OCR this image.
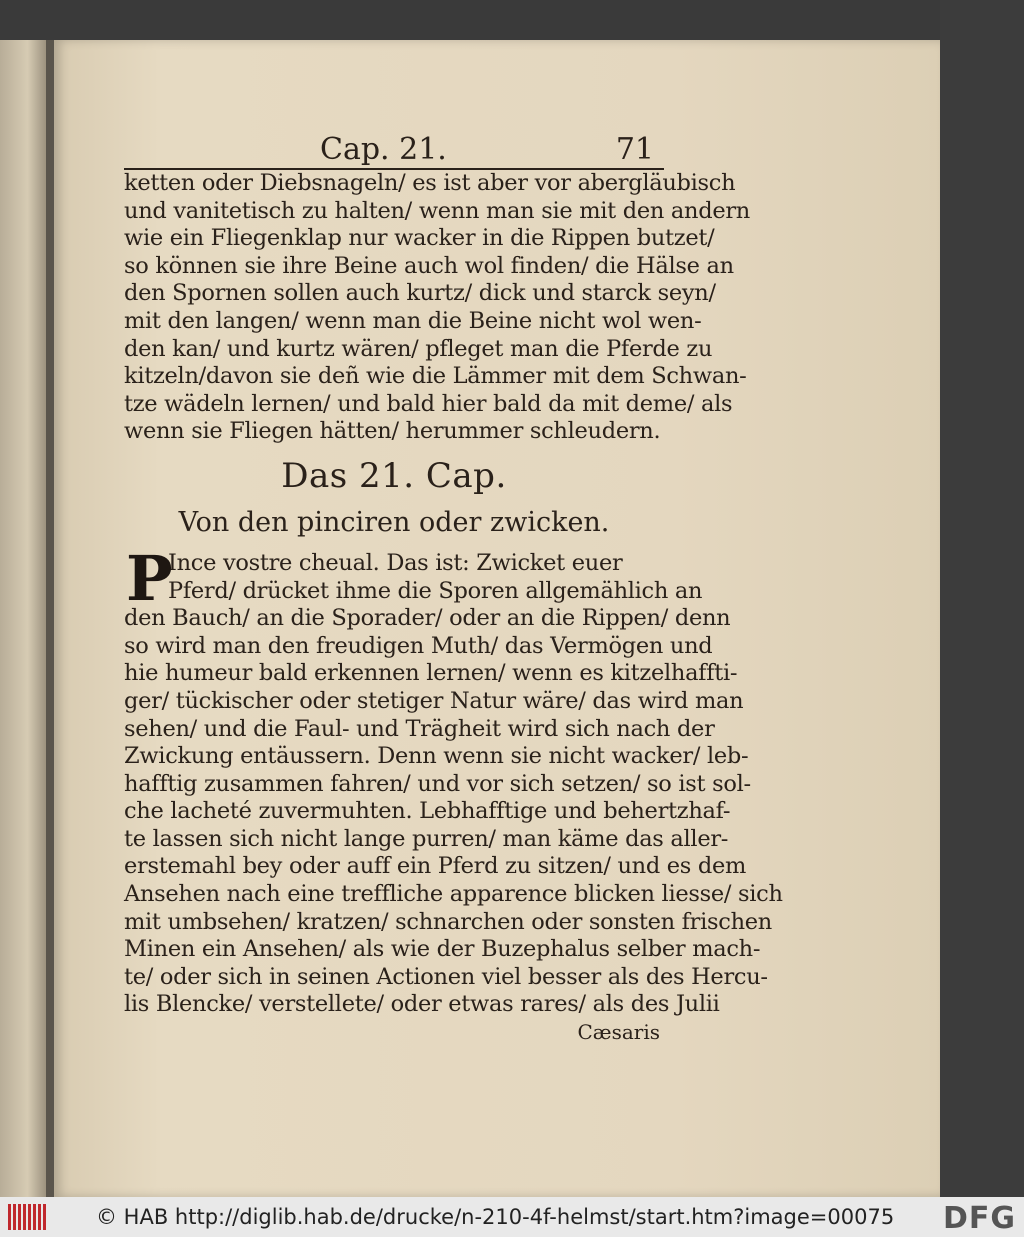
Cap. 21.	71
ketten oder Diebsnageln/ es ist aber vor abergläubisch
und vanitetisch zu halten/ wenn man sie mit den andern
wie ein Fliegenklap nur wacker in die Rippen butzet/
so können sie ihre Beine auch wol finden/ die Hälse an
den Spornen sollen auch kurtz/ dick und starck seyn/
mit den langen/ wenn man die Beine nicht wol wen-
den kan/ und kurtz wären/ pfleget man die Pferde zu
kitzeln/davon sie deñ wie die Lämmer mit dem Schwan-
tze wädeln lernen/ und bald hier bald da mit deme/ als
wenn sie Fliegen hätten/ herummer schleudern.
Das 21. Cap.
Von den pinciren oder zwicken.
P
Ince vostre cheual. Das ist: Zwicket euer
Pferd/ drücket ihme die Sporen allgemählich an
den Bauch/ an die Sporader/ oder an die Rippen/ denn
so wird man den freudigen Muth/ das Vermögen und
hie humeur bald erkennen lernen/ wenn es kitzelhaffti-
ger/ tückischer oder stetiger Natur wäre/ das wird man
sehen/ und die Faul- und Trägheit wird sich nach der
Zwickung entäussern. Denn wenn sie nicht wacker/ leb-
hafftig zusammen fahren/ und vor sich setzen/ so ist sol-
che lacheté zuvermuhten. Lebhafftige und behertzhaf-
te lassen sich nicht lange purren/ man käme das aller-
erstemahl bey oder auff ein Pferd zu sitzen/ und es dem
Ansehen nach eine treffliche apparence blicken liesse/ sich
mit umbsehen/ kratzen/ schnarchen oder sonsten frischen
Minen ein Ansehen/ als wie der Buzephalus selber mach-
te/ oder sich in seinen Actionen viel besser als des Hercu-
lis Blencke/ verstellete/ oder etwas rares/ als des Julii
Cæsaris
© HAB http://diglib.hab.de/drucke/n-210-4f-helmst/start.htm?image=00075 DFG
